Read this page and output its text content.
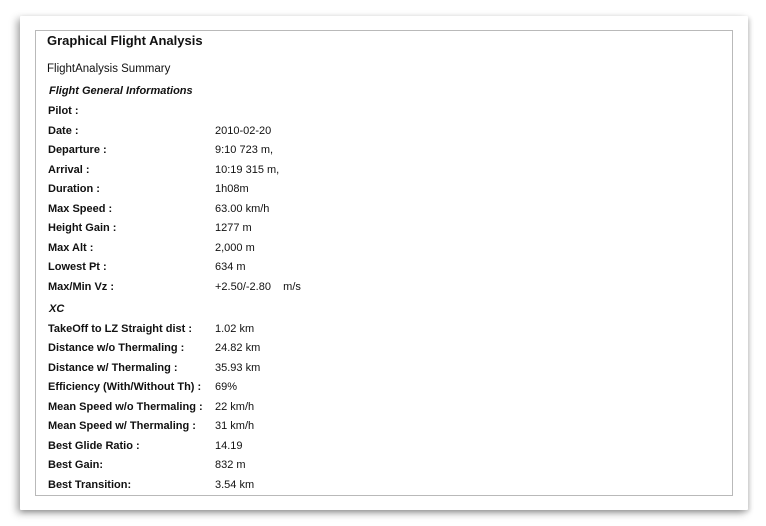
Graphical Flight Analysis
FlightAnalysis Summary
Flight General Informations
Pilot :
Date :	2010-02-20
Departure :	9:10 723 m,
Arrival :	10:19 315 m,
Duration :	1h08m
Max Speed :	63.00 km/h
Height Gain :	1277 m
Max Alt :	2,000 m
Lowest Pt :	634 m
Max/Min Vz :	+2.50/-2.80    m/s
XC
TakeOff to LZ Straight dist : 1.02 km
Distance w/o Thermaling :	24.82 km
Distance w/ Thermaling :	35.93 km
Efficiency (With/Without Th) : 69%
Mean Speed w/o Thermaling : 22 km/h
Mean Speed w/ Thermaling : 31 km/h
Best Glide Ratio :	14.19
Best Gain:	832 m
Best Transition:	3.54 km
